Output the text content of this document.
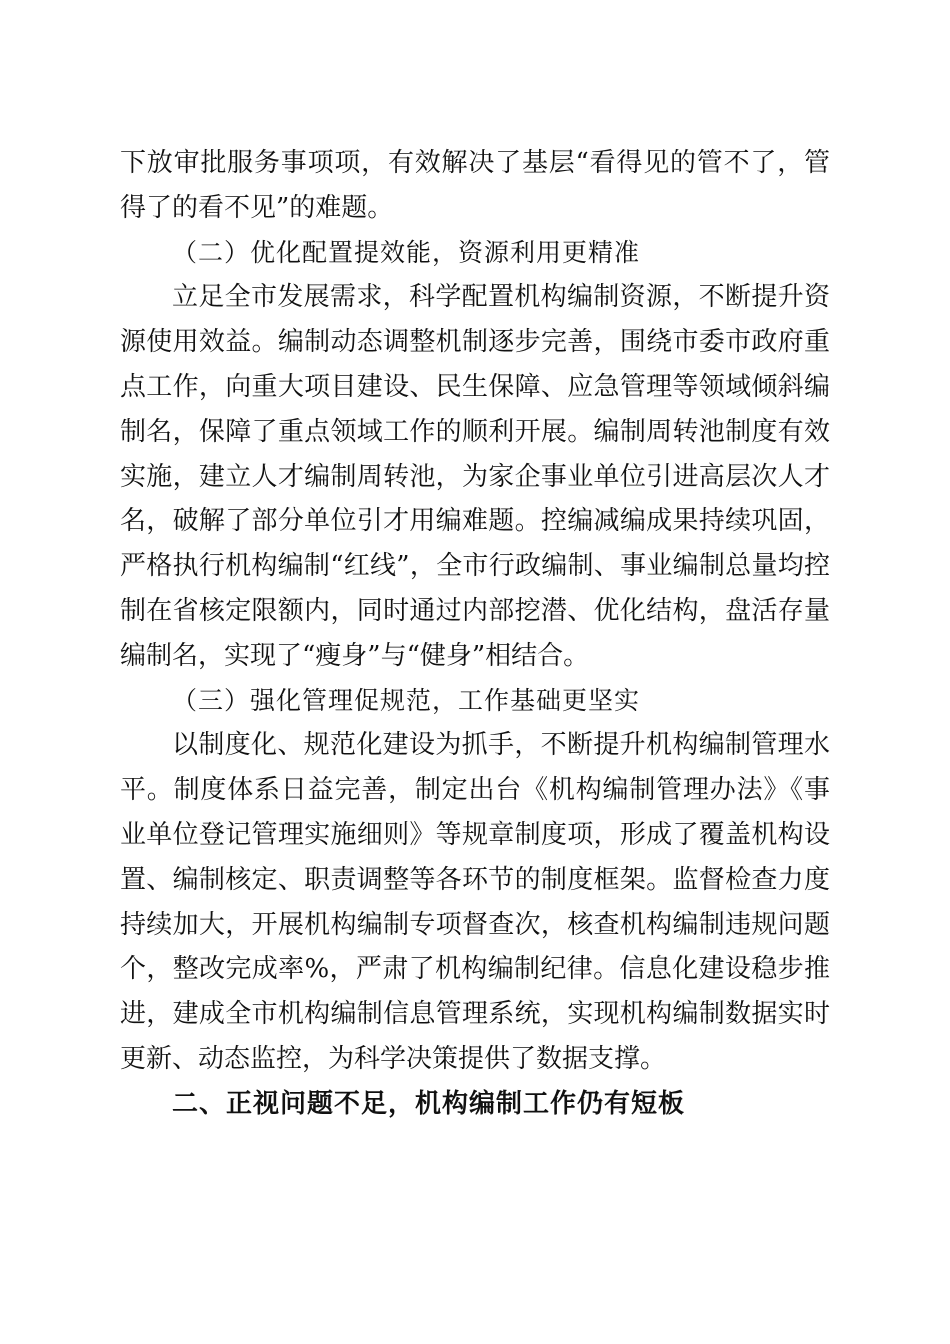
下放审批服务事项项，有效解决了基层“看得见的管不了，管得了的看不见”的难题。

（二）优化配置提效能，资源利用更精准

立足全市发展需求，科学配置机构编制资源，不断提升资源使用效益。编制动态调整机制逐步完善，围绕市委市政府重点工作，向重大项目建设、民生保障、应急管理等领域倾斜编制名，保障了重点领域工作的顺利开展。编制周转池制度有效实施，建立人才编制周转池，为家企事业单位引进高层次人才名，破解了部分单位引才用编难题。控编减编成果持续巩固，严格执行机构编制“红线”，全市行政编制、事业编制总量均控制在省核定限额内，同时通过内部挖潜、优化结构，盘活存量编制名，实现了“瘦身”与“健身”相结合。

（三）强化管理促规范，工作基础更坚实

以制度化、规范化建设为抓手，不断提升机构编制管理水平。制度体系日益完善，制定出台《机构编制管理办法》《事业单位登记管理实施细则》等规章制度项，形成了覆盖机构设置、编制核定、职责调整等各环节的制度框架。监督检查力度持续加大，开展机构编制专项督查次，核查机构编制违规问题个，整改完成率%，严肃了机构编制纪律。信息化建设稳步推进，建成全市机构编制信息管理系统，实现机构编制数据实时更新、动态监控，为科学决策提供了数据支撑。

二、正视问题不足，机构编制工作仍有短板
